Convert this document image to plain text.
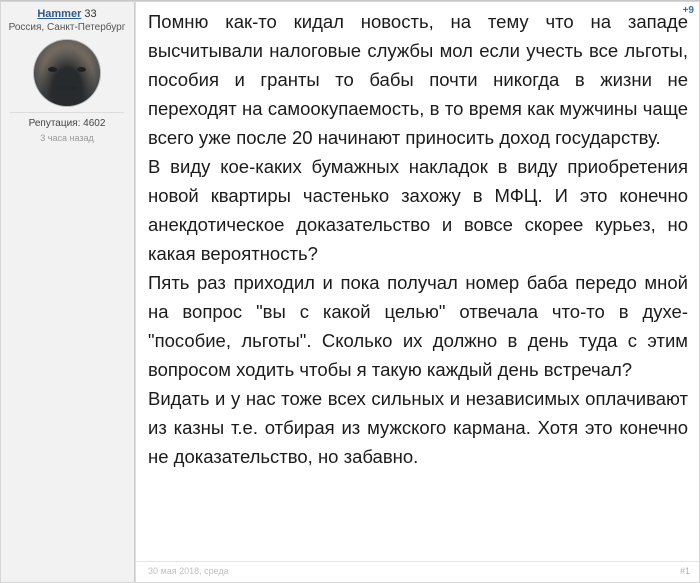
Hammer 33
Россия, Санкт-Петербург
Репутация: 4602
3 часа назад
+9

Помню как-то кидал новость, на тему что на западе высчитывали налоговые службы мол если учесть все льготы, пособия и гранты то бабы почти никогда в жизни не переходят на самоокупаемость, в то время как мужчины чаще всего уже после 20 начинают приносить доход государству.

В виду кое-каких бумажных накладок в виду приобретения новой квартиры частенько захожу в МФЦ. И это конечно анекдотическое доказательство и вовсе скорее курьез, но какая вероятность?

Пять раз приходил и пока получал номер баба передо мной на вопрос "вы с какой целью" отвечала что-то в духе- "пособие, льготы". Сколько их должно в день туда с этим вопросом ходить чтобы я такую каждый день встречал?

Видать и у нас тоже всех сильных и независимых оплачивают из казны т.е. отбирая из мужского кармана. Хотя это конечно не доказательство, но забавно.

30 мая 2018, среда	#1
